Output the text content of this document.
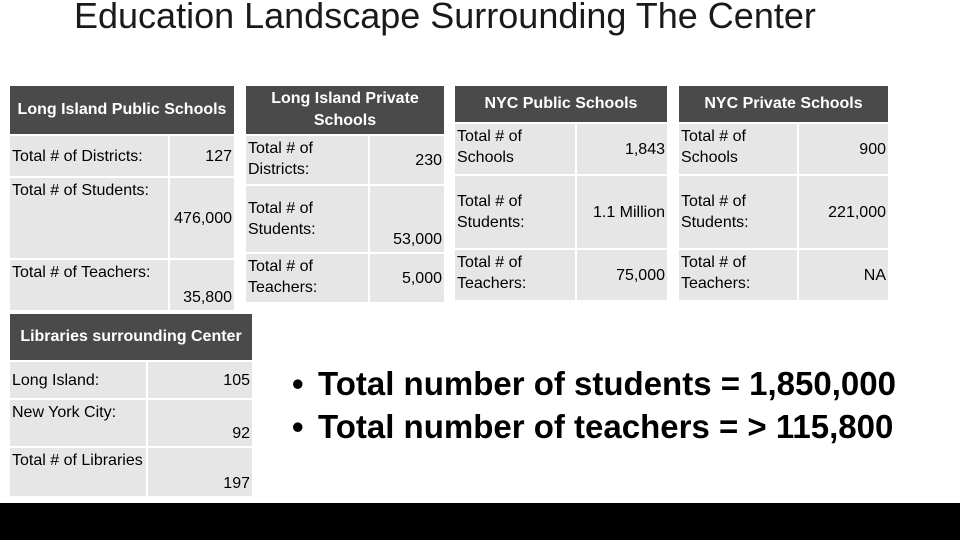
Education Landscape Surrounding The Center
Long Island Public Schools	
Total # of Districts:	127
Total # of Students:	476,000
Total # of Teachers:	35,800
Long Island Private Schools	
Total # of Districts:	230
Total # of Students:	53,000
Total # of Teachers:	5,000
NYC Public Schools	
Total # of Schools	1,843
Total # of Students:	1.1 Million
Total # of Teachers:	75,000
NYC Private Schools	
Total # of Schools	900
Total # of Students:	221,000
Total # of Teachers:	NA
Libraries surrounding Center	
Long Island:	105
New York City:	92
Total # of Libraries	197
• Total number of students = 1,850,000
• Total number of teachers = > 115,800
